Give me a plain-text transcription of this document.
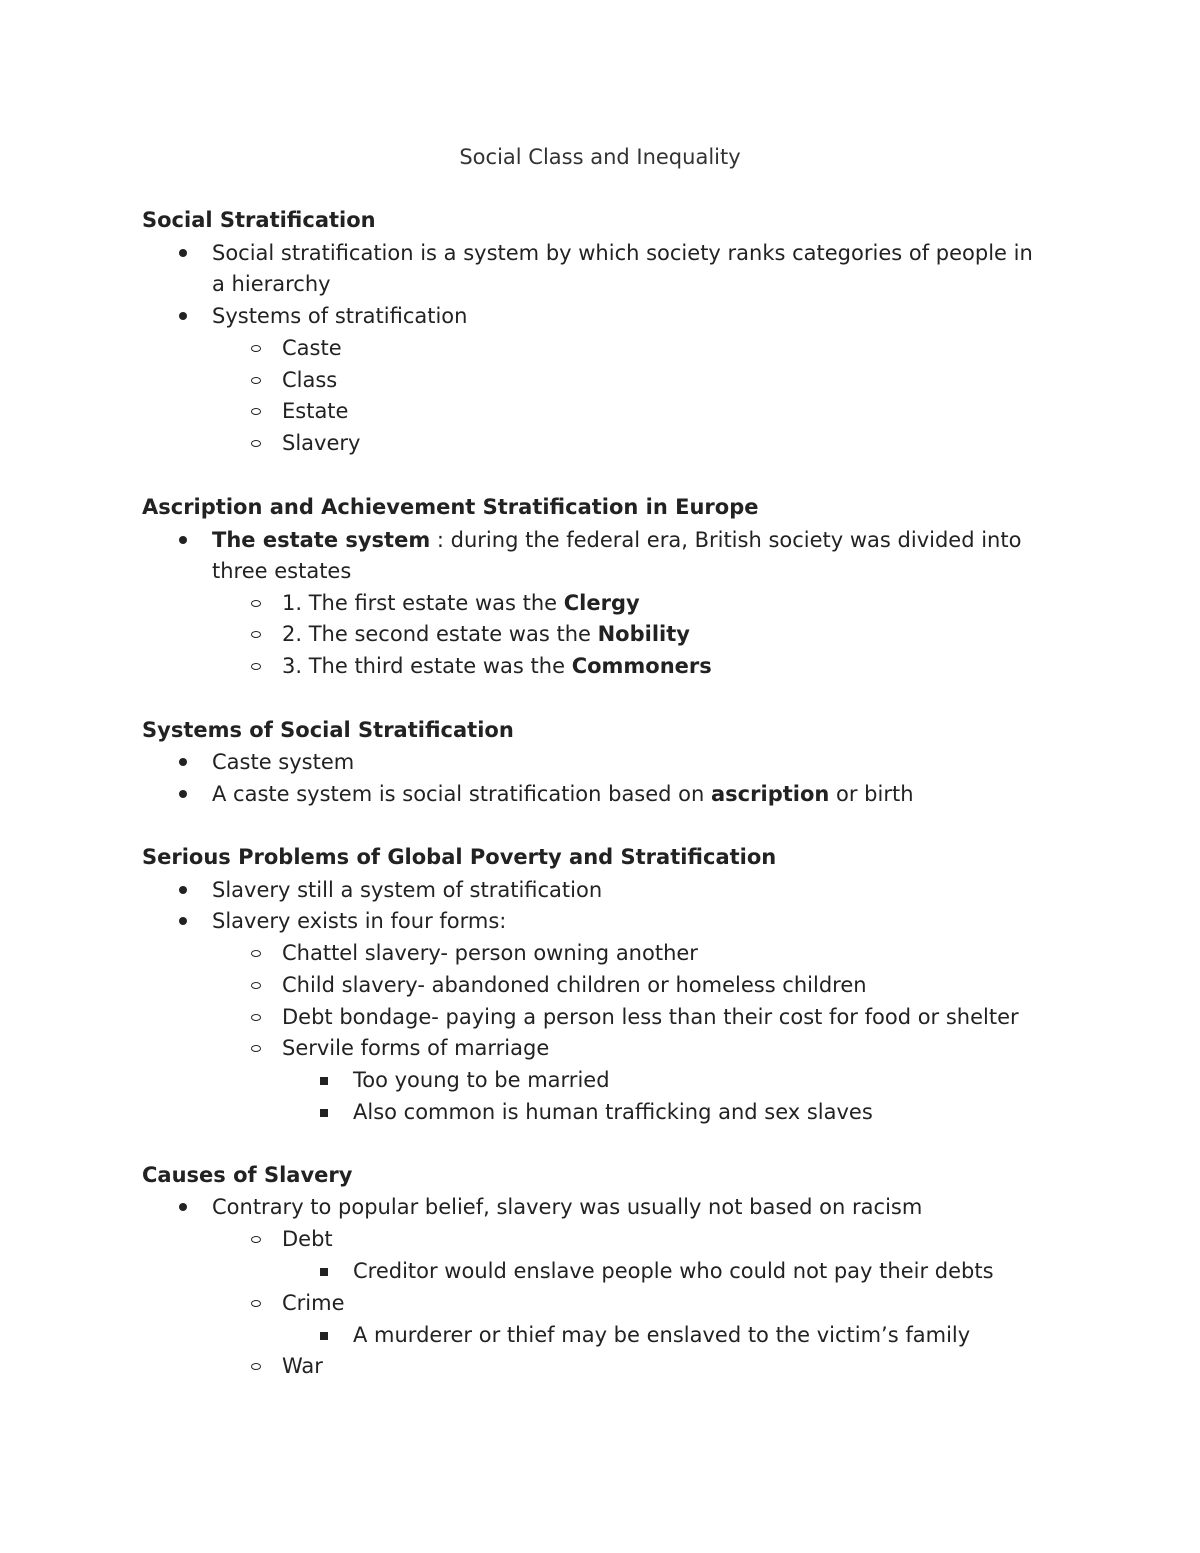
Social Class and Inequality
Social Stratification
Social stratification is a system by which society ranks categories of people in
a hierarchy
Systems of stratification
Caste
Class
Estate
Slavery
Ascription and Achievement Stratification in Europe
The estate system : during the federal era, British society was divided into
three estates
1. The first estate was the Clergy
2. The second estate was the Nobility
3. The third estate was the Commoners
Systems of Social Stratification
Caste system
A caste system is social stratification based on ascription or birth
Serious Problems of Global Poverty and Stratification
Slavery still a system of stratification
Slavery exists in four forms:
Chattel slavery- person owning another
Child slavery- abandoned children or homeless children
Debt bondage- paying a person less than their cost for food or shelter
Servile forms of marriage
Too young to be married
Also common is human trafficking and sex slaves
Causes of Slavery
Contrary to popular belief, slavery was usually not based on racism
Debt
Creditor would enslave people who could not pay their debts
Crime
A murderer or thief may be enslaved to the victim’s family
War
